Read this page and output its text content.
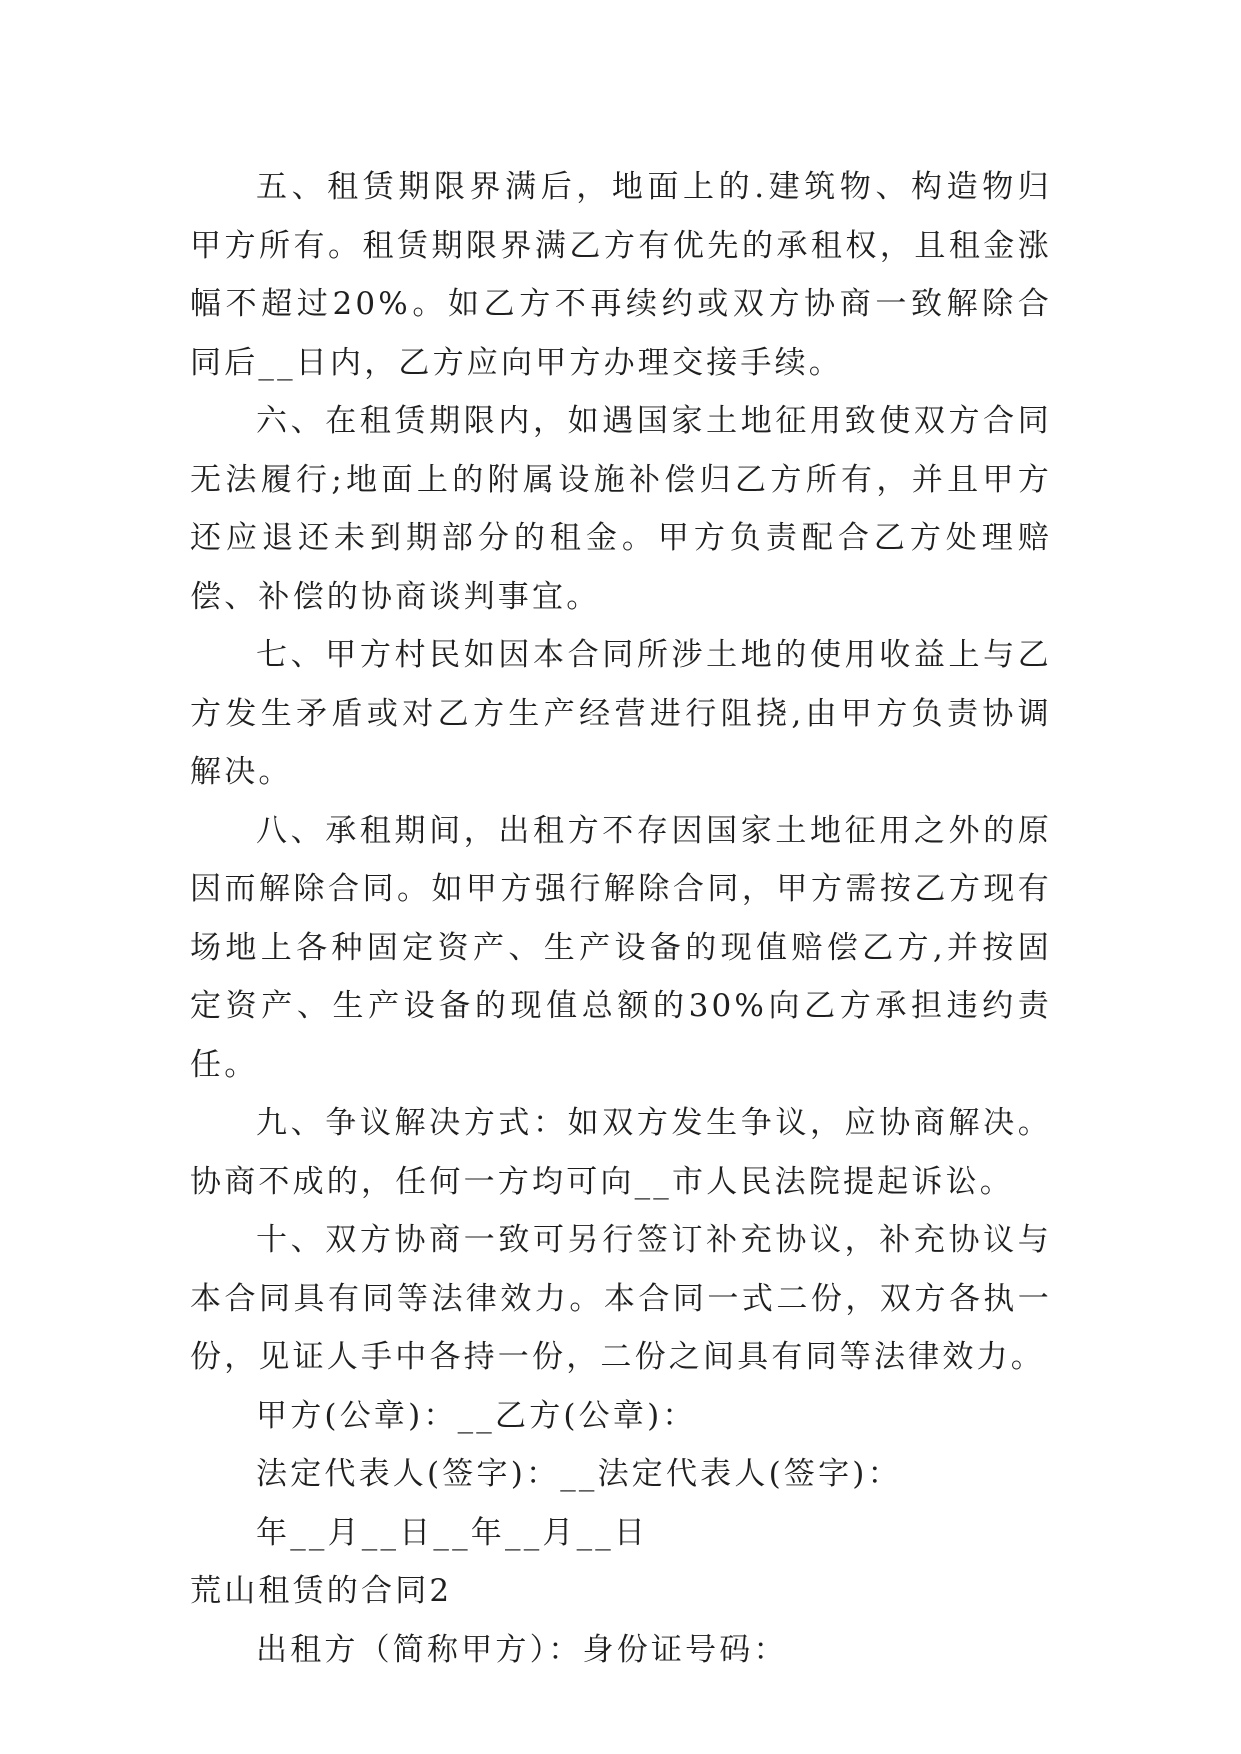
五、租赁期限界满后，地面上的.建筑物、构造物归甲方所有。租赁期限界满乙方有优先的承租权，且租金涨幅不超过20%。如乙方不再续约或双方协商一致解除合同后__日内，乙方应向甲方办理交接手续。

六、在租赁期限内，如遇国家土地征用致使双方合同无法履行;地面上的附属设施补偿归乙方所有，并且甲方还应退还未到期部分的租金。甲方负责配合乙方处理赔偿、补偿的协商谈判事宜。

七、甲方村民如因本合同所涉土地的使用收益上与乙方发生矛盾或对乙方生产经营进行阻挠,由甲方负责协调解决。

八、承租期间，出租方不存因国家土地征用之外的原因而解除合同。如甲方强行解除合同，甲方需按乙方现有场地上各种固定资产、生产设备的现值赔偿乙方,并按固定资产、生产设备的现值总额的30%向乙方承担违约责任。

九、争议解决方式：如双方发生争议，应协商解决。协商不成的，任何一方均可向__市人民法院提起诉讼。

十、双方协商一致可另行签订补充协议，补充协议与本合同具有同等法律效力。本合同一式二份，双方各执一份，见证人手中各持一份，二份之间具有同等法律效力。

甲方(公章)：__乙方(公章)：

法定代表人(签字)：__法定代表人(签字)：

年__月__日__年__月__日

荒山租赁的合同2

出租方（简称甲方）：身份证号码：
